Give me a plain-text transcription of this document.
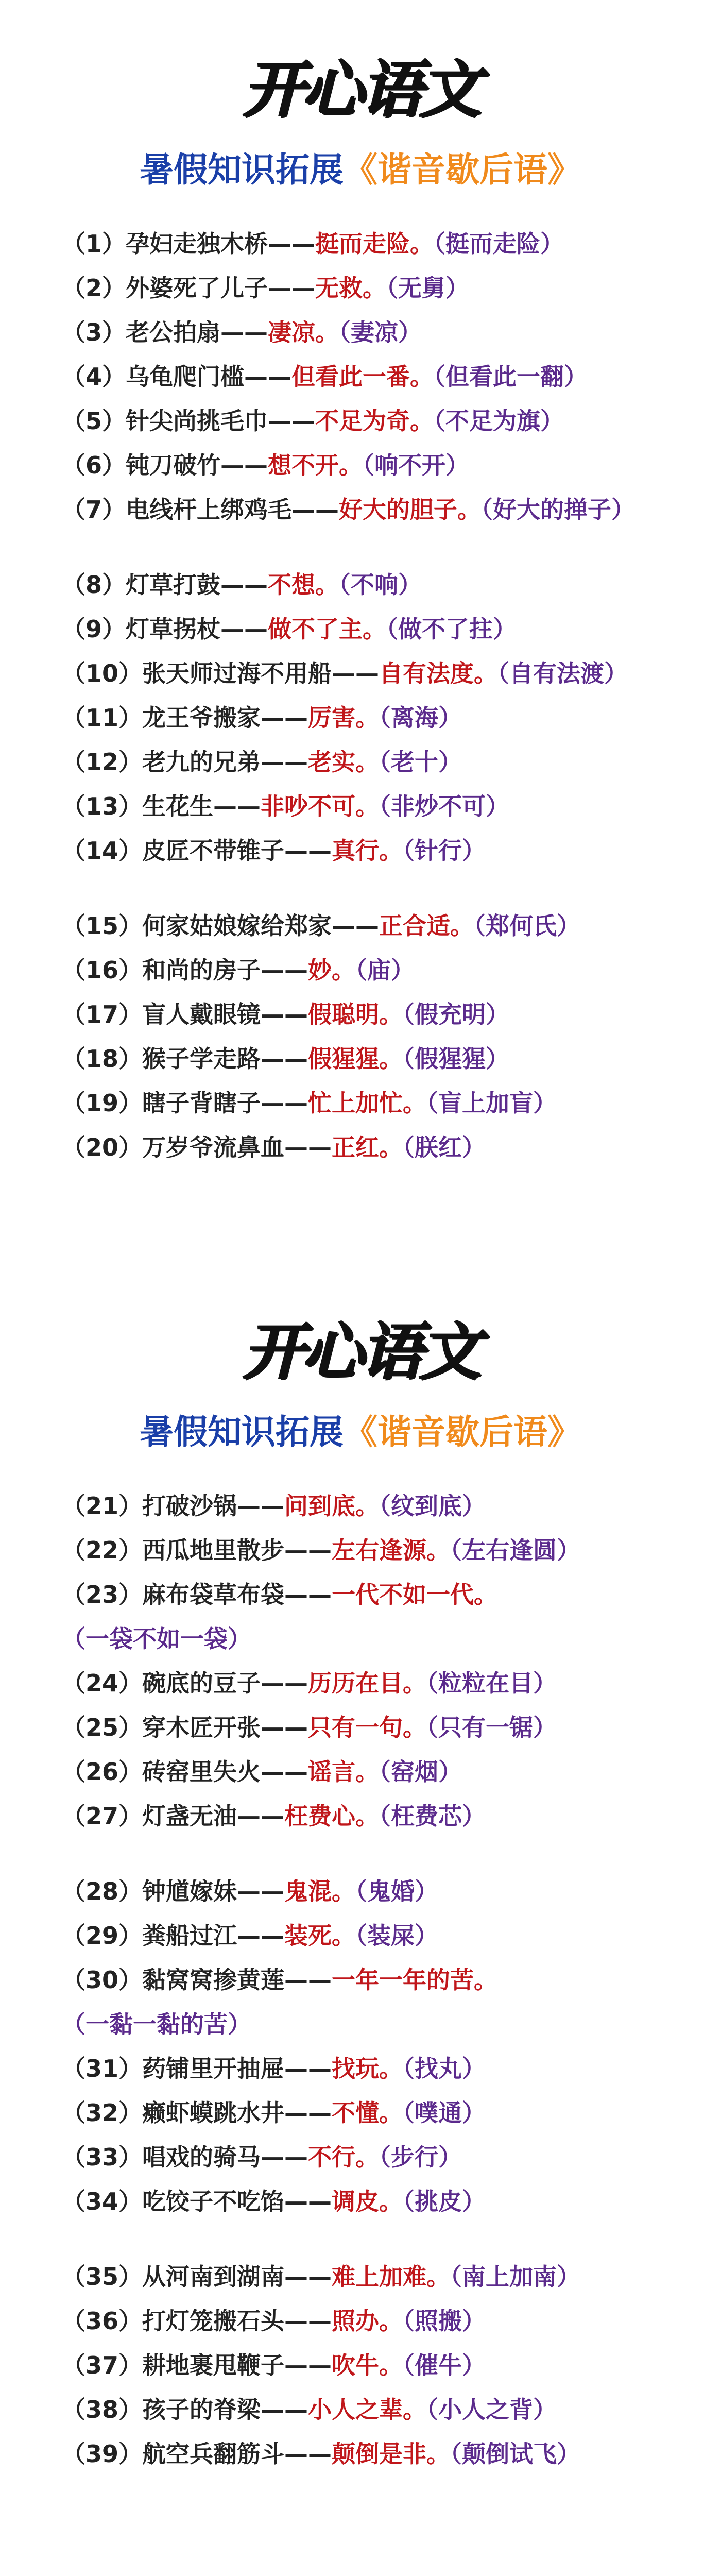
开心语文
暑假知识拓展《谐音歇后语》
（1）孕妇走独木桥——挺而走险。（挺而走险）
（2）外婆死了儿子——无救。（无舅）
（3）老公拍扇——凄凉。（妻凉）
（4）乌龟爬门槛——但看此一番。（但看此一翻）
（5）针尖尚挑毛巾——不足为奇。（不足为旗）
（6）钝刀破竹——想不开。（响不开）
（7）电线杆上绑鸡毛——好大的胆子。（好大的掸子）
（8）灯草打鼓——不想。（不响）
（9）灯草拐杖——做不了主。（做不了拄）
（10）张天师过海不用船——自有法度。（自有法渡）
（11）龙王爷搬家——厉害。（离海）
（12）老九的兄弟——老实。（老十）
（13）生花生——非吵不可。（非炒不可）
（14）皮匠不带锥子——真行。（针行）
（15）何家姑娘嫁给郑家——正合适。（郑何氏）
（16）和尚的房子——妙。（庙）
（17）盲人戴眼镜——假聪明。（假充明）
（18）猴子学走路——假猩猩。（假猩猩）
（19）瞎子背瞎子——忙上加忙。（盲上加盲）
（20）万岁爷流鼻血——正红。（朕红）
开心语文
暑假知识拓展《谐音歇后语》
（21）打破沙锅——问到底。（纹到底）
（22）西瓜地里散步——左右逢源。（左右逢圆）
（23）麻布袋草布袋——一代不如一代。（一袋不如一袋）
（24）碗底的豆子——历历在目。（粒粒在目）
（25）穿木匠开张——只有一句。（只有一锯）
（26）砖窑里失火——谣言。（窑烟）
（27）灯盏无油——枉费心。（枉费芯）
（28）钟馗嫁妹——鬼混。（鬼婚）
（29）粪船过江——装死。（装屎）
（30）黏窝窝掺黄莲——一年一年的苦。（一黏一黏的苦）
（31）药铺里开抽屉——找玩。（找丸）
（32）癞虾蟆跳水井——不懂。（噗通）
（33）唱戏的骑马——不行。（步行）
（34）吃饺子不吃馅——调皮。（挑皮）
（35）从河南到湖南——难上加难。（南上加南）
（36）打灯笼搬石头——照办。（照搬）
（37）耕地裹甩鞭子——吹牛。（催牛）
（38）孩子的脊梁——小人之辈。（小人之背）
（39）航空兵翻筋斗——颠倒是非。（颠倒试飞）
